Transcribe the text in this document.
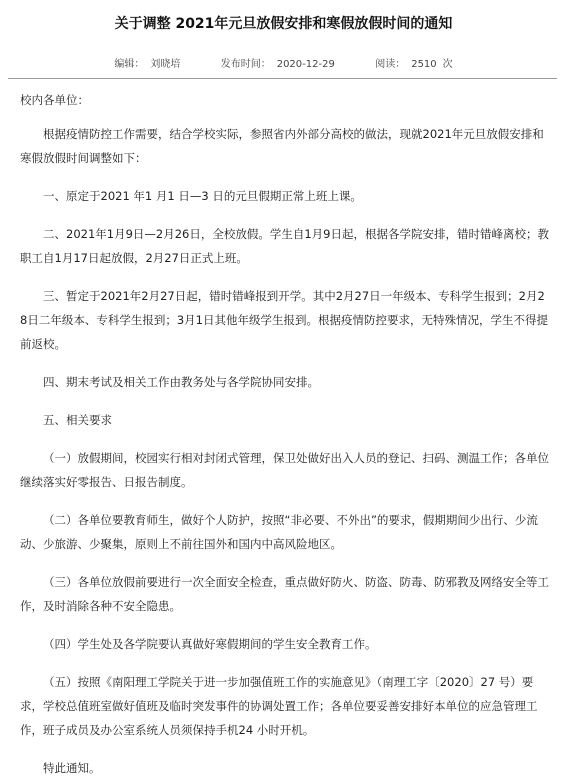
关于调整 2021年元旦放假安排和寒假放假时间的通知
编辑： 刘晓培	发布时间： 2020-12-29	阅读： 2510 次

校内各单位：

根据疫情防控工作需要，结合学校实际，参照省内外部分高校的做法，现就2021年元旦放假安排和寒假放假时间调整如下：

一、原定于2021 年1 月1 日—3 日的元旦假期正常上班上课。

二、2021年1月9日—2月26日，全校放假。学生自1月9日起，根据各学院安排，错时错峰离校；教职工自1月17日起放假，2月27日正式上班。

三、暂定于2021年2月27日起，错时错峰报到开学。其中2月27日一年级本、专科学生报到；2月28日二年级本、专科学生报到；3月1日其他年级学生报到。根据疫情防控要求，无特殊情况，学生不得提前返校。

四、期末考试及相关工作由教务处与各学院协同安排。

五、相关要求

（一）放假期间，校园实行相对封闭式管理，保卫处做好出入人员的登记、扫码、测温工作；各单位继续落实好零报告、日报告制度。

（二）各单位要教育师生，做好个人防护，按照“非必要、不外出”的要求，假期期间少出行、少流动、少旅游、少聚集，原则上不前往国外和国内中高风险地区。

（三）各单位放假前要进行一次全面安全检查，重点做好防火、防盗、防毒、防邪教及网络安全等工作，及时消除各种不安全隐患。

（四）学生处及各学院要认真做好寒假期间的学生安全教育工作。

（五）按照《南阳理工学院关于进一步加强值班工作的实施意见》（南理工字〔2020〕27 号）要求，学校总值班室做好值班及临时突发事件的协调处置工作；各单位要妥善安排好本单位的应急管理工作，班子成员及办公室系统人员须保持手机24 小时开机。

特此通知。
